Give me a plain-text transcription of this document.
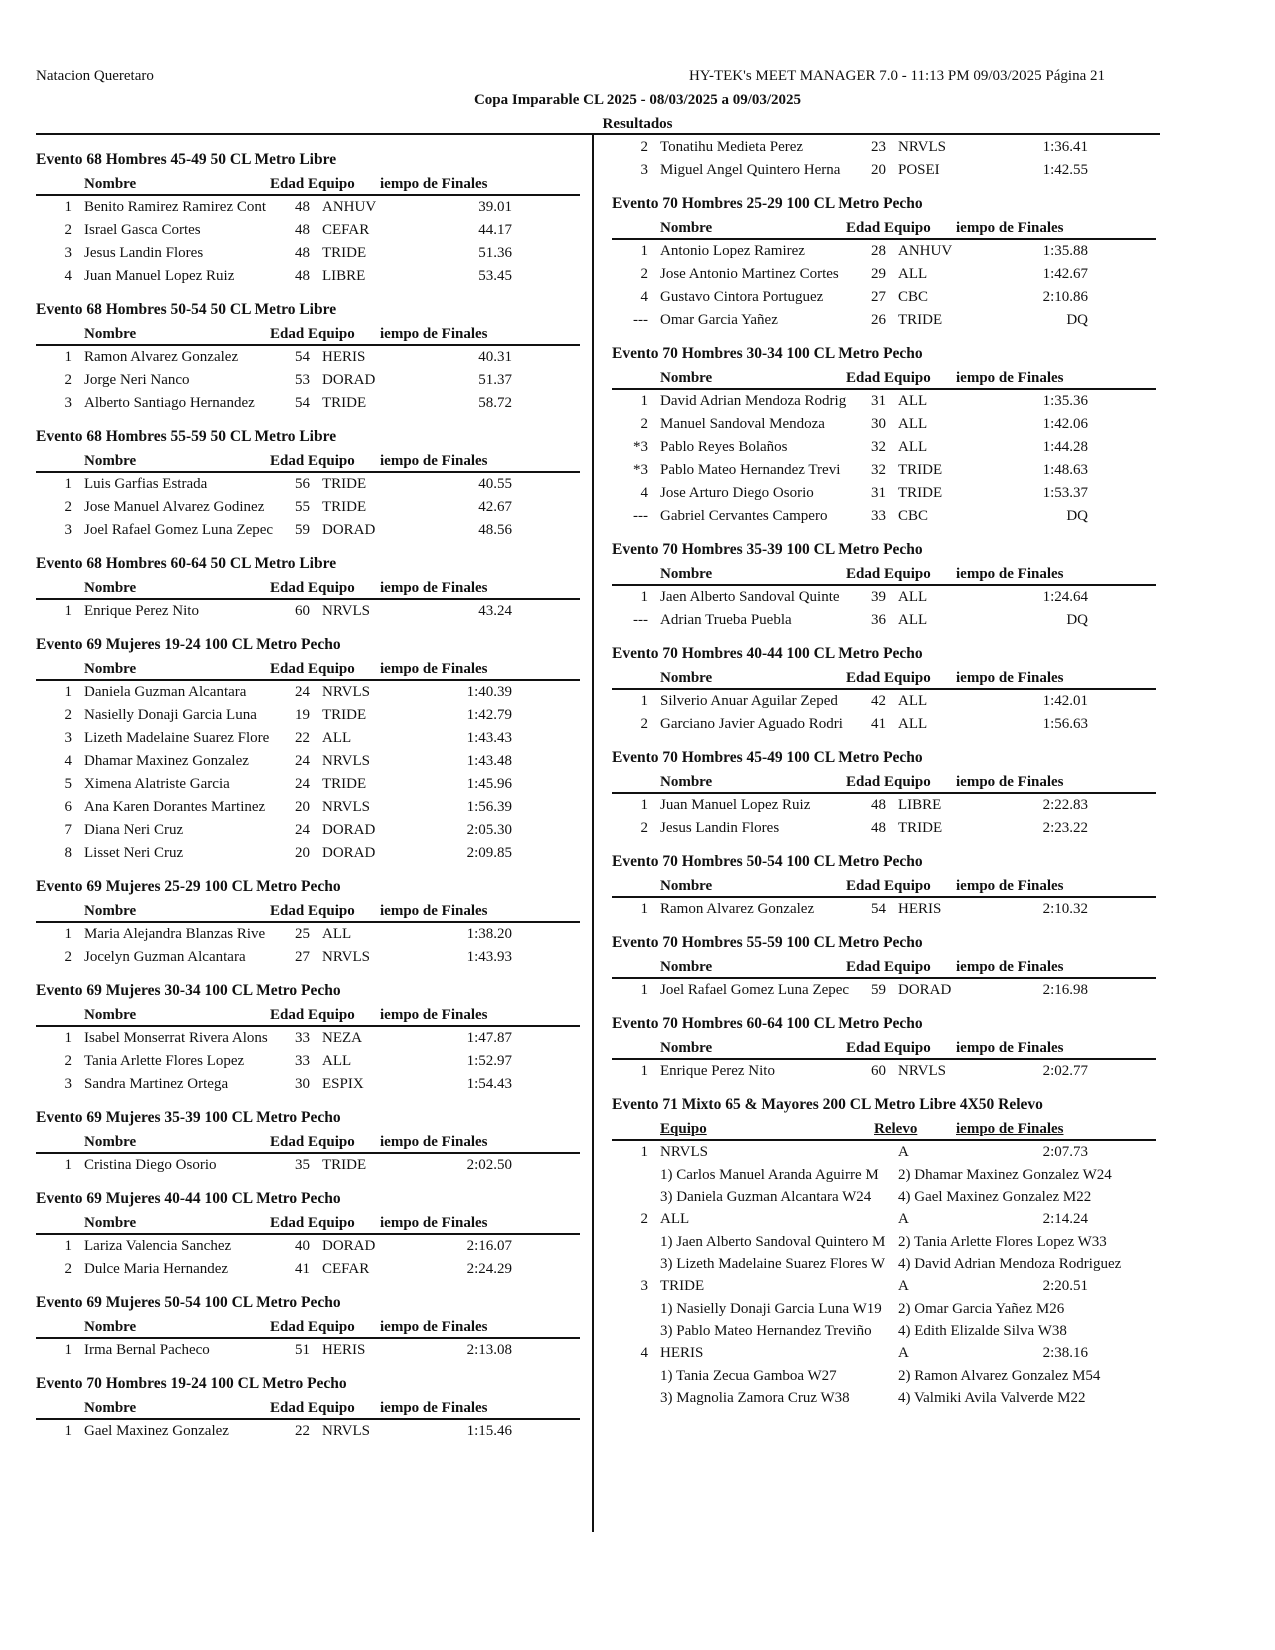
Natacion Queretaro	HY-TEK's MEET MANAGER 7.0 - 11:13 PM 09/03/2025 Página 21
Copa Imparable CL 2025 - 08/03/2025 a 09/03/2025
Resultados
Evento 68 Hombres 45-49 50 CL Metro Libre
Nombre	Edad Equipo iempo de Finales
1 Benito Ramirez Ramirez Cont	48 ANHUV	39.01
2 Israel Gasca Cortes	48 CEFAR	44.17
3 Jesus Landin Flores	48 TRIDE	51.36
4 Juan Manuel Lopez Ruiz	48 LIBRE	53.45
Evento 68 Hombres 50-54 50 CL Metro Libre
Nombre	Edad Equipo iempo de Finales
1 Ramon Alvarez Gonzalez	54 HERIS	40.31
2 Jorge Neri Nanco	53 DORAD	51.37
3 Alberto Santiago Hernandez	54 TRIDE	58.72
Evento 68 Hombres 55-59 50 CL Metro Libre
Nombre	Edad Equipo iempo de Finales
1 Luis Garfias Estrada	56 TRIDE	40.55
2 Jose Manuel Alvarez Godinez	55 TRIDE	42.67
3 Joel Rafael Gomez Luna Zepec	59 DORAD	48.56
Evento 68 Hombres 60-64 50 CL Metro Libre
Nombre	Edad Equipo iempo de Finales
1 Enrique Perez Nito	60 NRVLS	43.24
Evento 69 Mujeres 19-24 100 CL Metro Pecho
Nombre	Edad Equipo iempo de Finales
1 Daniela Guzman Alcantara	24 NRVLS	1:40.39
2 Nasielly Donaji Garcia Luna	19 TRIDE	1:42.79
3 Lizeth Madelaine Suarez Flore	22 ALL	1:43.43
4 Dhamar Maxinez Gonzalez	24 NRVLS	1:43.48
5 Ximena Alatriste Garcia	24 TRIDE	1:45.96
6 Ana Karen Dorantes Martinez	20 NRVLS	1:56.39
7 Diana Neri Cruz	24 DORAD	2:05.30
8 Lisset Neri Cruz	20 DORAD	2:09.85
Evento 69 Mujeres 25-29 100 CL Metro Pecho
Nombre	Edad Equipo iempo de Finales
1 Maria Alejandra Blanzas Rive	25 ALL	1:38.20
2 Jocelyn Guzman Alcantara	27 NRVLS	1:43.93
Evento 69 Mujeres 30-34 100 CL Metro Pecho
Nombre	Edad Equipo iempo de Finales
1 Isabel Monserrat Rivera Alons	33 NEZA	1:47.87
2 Tania Arlette Flores Lopez	33 ALL	1:52.97
3 Sandra Martinez Ortega	30 ESPIX	1:54.43
Evento 69 Mujeres 35-39 100 CL Metro Pecho
Nombre	Edad Equipo iempo de Finales
1 Cristina Diego Osorio	35 TRIDE	2:02.50
Evento 69 Mujeres 40-44 100 CL Metro Pecho
Nombre	Edad Equipo iempo de Finales
1 Lariza Valencia Sanchez	40 DORAD	2:16.07
2 Dulce Maria Hernandez	41 CEFAR	2:24.29
Evento 69 Mujeres 50-54 100 CL Metro Pecho
Nombre	Edad Equipo iempo de Finales
1 Irma Bernal Pacheco	51 HERIS	2:13.08
Evento 70 Hombres 19-24 100 CL Metro Pecho
Nombre	Edad Equipo iempo de Finales
1 Gael Maxinez Gonzalez	22 NRVLS	1:15.46
2 Tonatihu Medieta Perez	23 NRVLS	1:36.41
3 Miguel Angel Quintero Herna	20 POSEI	1:42.55
Evento 70 Hombres 25-29 100 CL Metro Pecho
Nombre	Edad Equipo iempo de Finales
1 Antonio Lopez Ramirez	28 ANHUV	1:35.88
2 Jose Antonio Martinez Cortes	29 ALL	1:42.67
4 Gustavo Cintora Portuguez	27 CBC	2:10.86
--- Omar Garcia Yañez	26 TRIDE	DQ
Evento 70 Hombres 30-34 100 CL Metro Pecho
Nombre	Edad Equipo iempo de Finales
1 David Adrian Mendoza Rodrig	31 ALL	1:35.36
2 Manuel Sandoval Mendoza	30 ALL	1:42.06
*3 Pablo Reyes Bolaños	32 ALL	1:44.28
*3 Pablo Mateo Hernandez Trevi	32 TRIDE	1:48.63
4 Jose Arturo Diego Osorio	31 TRIDE	1:53.37
--- Gabriel Cervantes Campero	33 CBC	DQ
Evento 70 Hombres 35-39 100 CL Metro Pecho
Nombre	Edad Equipo iempo de Finales
1 Jaen Alberto Sandoval Quinte	39 ALL	1:24.64
--- Adrian Trueba Puebla	36 ALL	DQ
Evento 70 Hombres 40-44 100 CL Metro Pecho
Nombre	Edad Equipo iempo de Finales
1 Silverio Anuar Aguilar Zeped	42 ALL	1:42.01
2 Garciano Javier Aguado Rodri	41 ALL	1:56.63
Evento 70 Hombres 45-49 100 CL Metro Pecho
Nombre	Edad Equipo iempo de Finales
1 Juan Manuel Lopez Ruiz	48 LIBRE	2:22.83
2 Jesus Landin Flores	48 TRIDE	2:23.22
Evento 70 Hombres 50-54 100 CL Metro Pecho
Nombre	Edad Equipo iempo de Finales
1 Ramon Alvarez Gonzalez	54 HERIS	2:10.32
Evento 70 Hombres 55-59 100 CL Metro Pecho
Nombre	Edad Equipo iempo de Finales
1 Joel Rafael Gomez Luna Zepec	59 DORAD	2:16.98
Evento 70 Hombres 60-64 100 CL Metro Pecho
Nombre	Edad Equipo iempo de Finales
1 Enrique Perez Nito	60 NRVLS	2:02.77
Evento 71 Mixto 65 & Mayores 200 CL Metro Libre 4X50 Relevo
Equipo	Relevo	iempo de Finales
1 NRVLS	A	2:07.73
1) Carlos Manuel Aranda Aguirre M	2) Dhamar Maxinez Gonzalez W24
3) Daniela Guzman Alcantara W24	4) Gael Maxinez Gonzalez M22
2 ALL	A	2:14.24
1) Jaen Alberto Sandoval Quintero M 2) Tania Arlette Flores Lopez W33
3) Lizeth Madelaine Suarez Flores W 4) David Adrian Mendoza Rodriguez
3 TRIDE	A	2:20.51
1) Nasielly Donaji Garcia Luna W19	2) Omar Garcia Yañez M26
3) Pablo Mateo Hernandez Treviño	4) Edith Elizalde Silva W38
4 HERIS	A	2:38.16
1) Tania Zecua Gamboa W27	2) Ramon Alvarez Gonzalez M54
3) Magnolia Zamora Cruz W38	4) Valmiki Avila Valverde M22
